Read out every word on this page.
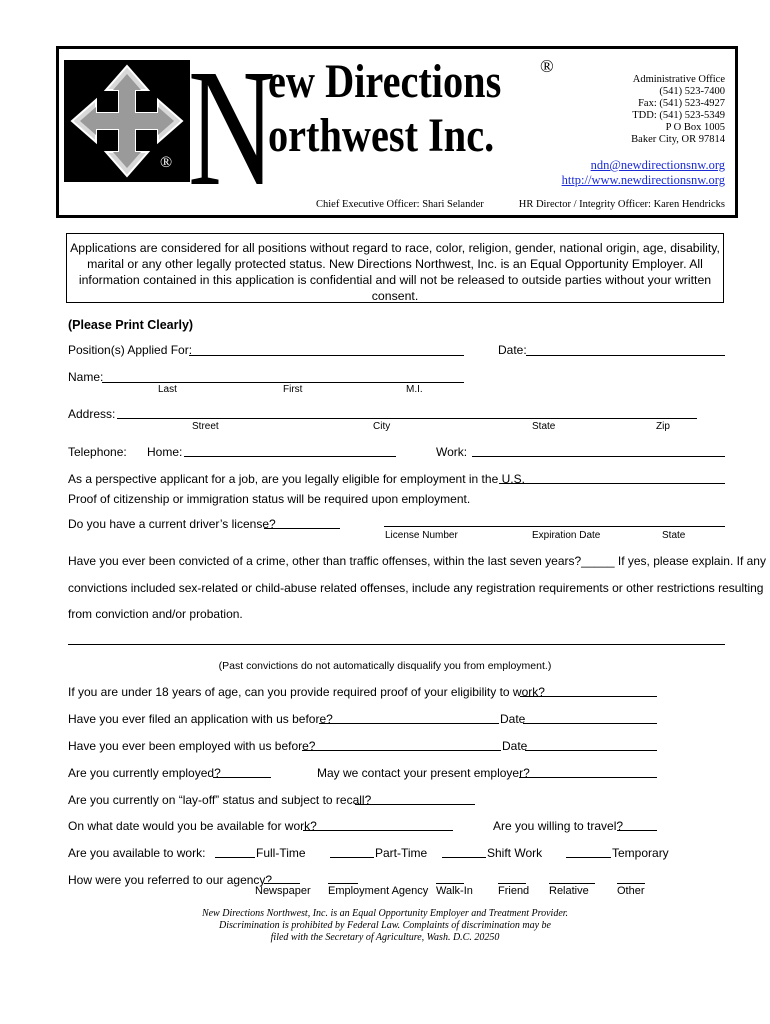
® N
ew Directions
orthwest Inc.
®
Administrative Office
(541) 523-7400
Fax: (541) 523-4927
TDD: (541) 523-5349
P O Box 1005
Baker City, OR 97814
ndn@newdirectionsnw.org
http://www.newdirectionsnw.org
Chief Executive Officer: Shari Selander	HR Director / Integrity Officer: Karen Hendricks
Applications are considered for all positions without regard to race, color, religion, gender, national origin, age, disability, marital or any other legally protected status. New Directions Northwest, Inc. is an Equal Opportunity Employer. All information contained in this application is confidential and will not be released to outside parties without your written consent.
(Please Print Clearly)
Position(s) Applied For:	Date:
Name:
Last	First	M.I.
Address:
Street	City	State	Zip
Telephone: Home:	Work:
As a perspective applicant for a job, are you legally eligible for employment in the U.S.
Proof of citizenship or immigration status will be required upon employment.
Do you have a current driver’s license?
License Number	Expiration Date	State
Have you ever been convicted of a crime, other than traffic offenses, within the last seven years?_____ If yes, please explain. If any
convictions included sex-related or child-abuse related offenses, include any registration requirements or other restrictions resulting
from conviction and/or probation.
(Past convictions do not automatically disqualify you from employment.)
If you are under 18 years of age, can you provide required proof of your eligibility to work?
Have you ever filed an application with us before?	Date
Have you ever been employed with us before?	Date
Are you currently employed?	May we contact your present employer?
Are you currently on “lay-off” status and subject to recall?
On what date would you be available for work?	Are you willing to travel?
Are you available to work:	Full-Time	Part-Time	Shift Work	Temporary
How were you referred to our agency?
Newspaper Employment Agency Walk-In Friend Relative	Other
New Directions Northwest, Inc. is an Equal Opportunity Employer and Treatment Provider.
Discrimination is prohibited by Federal Law. Complaints of discrimination may be
filed with the Secretary of Agriculture, Wash. D.C. 20250
